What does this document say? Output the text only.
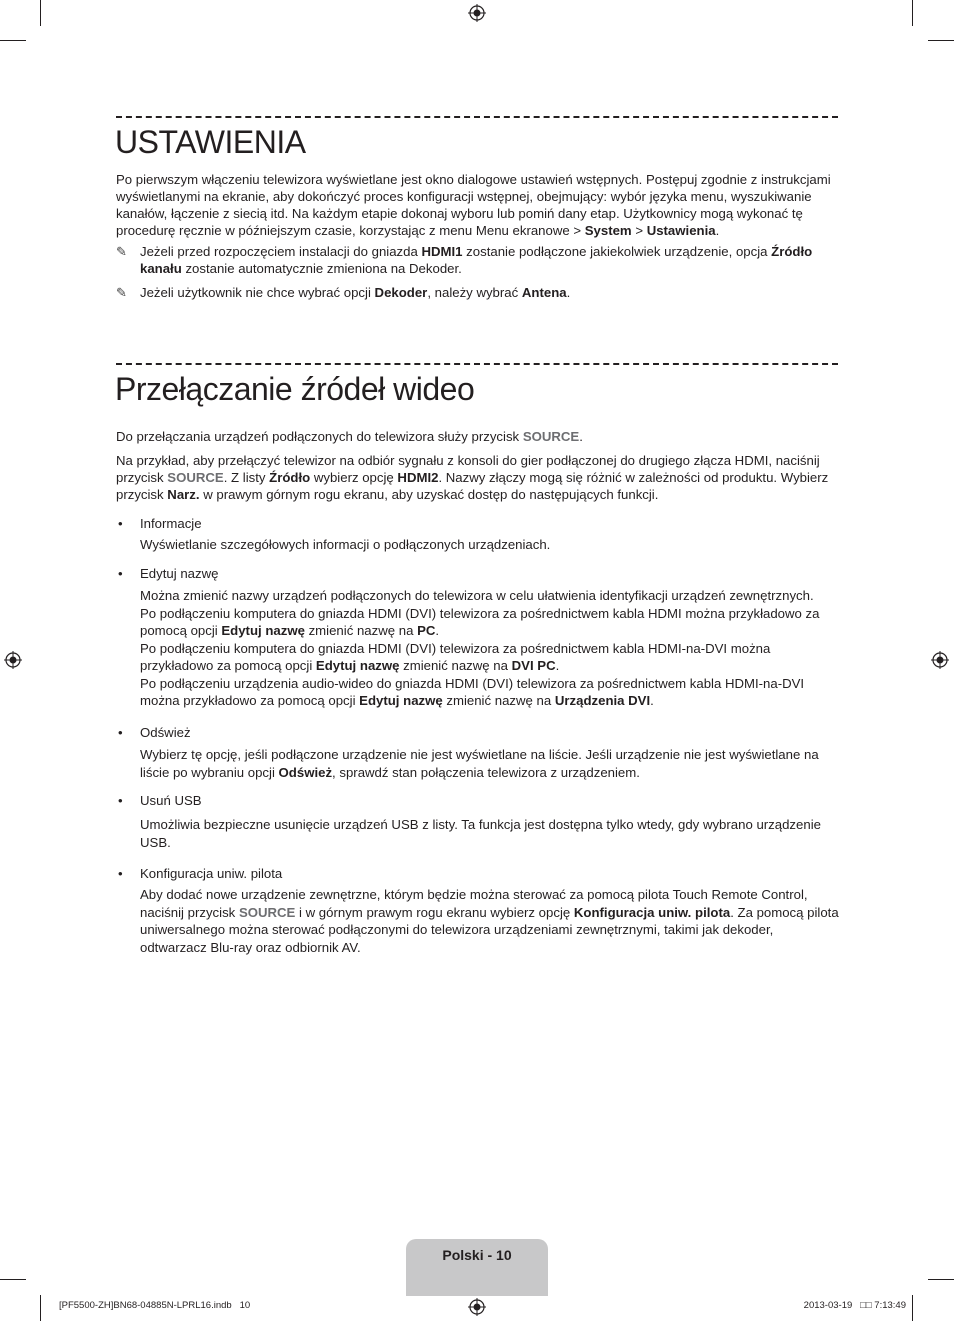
USTAWIENIA

Po pierwszym włączeniu telewizora wyświetlane jest okno dialogowe ustawień wstępnych. Postępuj zgodnie z instrukcjami wyświetlanymi na ekranie, aby dokończyć proces konfiguracji wstępnej, obejmujący: wybór języka menu, wyszukiwanie kanałów, łączenie z siecią itd. Na każdym etapie dokonaj wyboru lub pomiń dany etap. Użytkownicy mogą wykonać tę procedurę ręcznie w późniejszym czasie, korzystając z menu Menu ekranowe > System > Ustawienia.

✎ Jeżeli przed rozpoczęciem instalacji do gniazda HDMI1 zostanie podłączone jakiekolwiek urządzenie, opcja Źródło kanału zostanie automatycznie zmieniona na Dekoder.
✎ Jeżeli użytkownik nie chce wybrać opcji Dekoder, należy wybrać Antena.
Przełączanie źródeł wideo

Do przełączania urządzeń podłączonych do telewizora służy przycisk SOURCE.

Na przykład, aby przełączyć telewizor na odbiór sygnału z konsoli do gier podłączonej do drugiego złącza HDMI, naciśnij przycisk SOURCE. Z listy Źródło wybierz opcję HDMI2. Nazwy złączy mogą się różnić w zależności od produktu. Wybierz przycisk Narz. w prawym górnym rogu ekranu, aby uzyskać dostęp do następujących funkcji.

• Informacje
Wyświetlanie szczegółowych informacji o podłączonych urządzeniach.
• Edytuj nazwę
Można zmienić nazwy urządzeń podłączonych do telewizora w celu ułatwienia identyfikacji urządzeń zewnętrznych.
Po podłączeniu komputera do gniazda HDMI (DVI) telewizora za pośrednictwem kabla HDMI można przykładowo za pomocą opcji Edytuj nazwę zmienić nazwę na PC.
Po podłączeniu komputera do gniazda HDMI (DVI) telewizora za pośrednictwem kabla HDMI-na-DVI można przykładowo za pomocą opcji Edytuj nazwę zmienić nazwę na DVI PC.
Po podłączeniu urządzenia audio-wideo do gniazda HDMI (DVI) telewizora za pośrednictwem kabla HDMI-na-DVI można przykładowo za pomocą opcji Edytuj nazwę zmienić nazwę na Urządzenia DVI.
• Odśwież
Wybierz tę opcję, jeśli podłączone urządzenie nie jest wyświetlane na liście. Jeśli urządzenie nie jest wyświetlane na liście po wybraniu opcji Odśwież, sprawdź stan połączenia telewizora z urządzeniem.
• Usuń USB
Umożliwia bezpieczne usunięcie urządzeń USB z listy. Ta funkcja jest dostępna tylko wtedy, gdy wybrano urządzenie USB.
• Konfiguracja uniw. pilota
Aby dodać nowe urządzenie zewnętrzne, którym będzie można sterować za pomocą pilota Touch Remote Control, naciśnij przycisk SOURCE i w górnym prawym rogu ekranu wybierz opcję Konfiguracja uniw. pilota. Za pomocą pilota uniwersalnego można sterować podłączonymi do telewizora urządzeniami zewnętrznymi, takimi jak dekoder, odtwarzacz Blu-ray oraz odbiornik AV.
Polski - 10
[PF5500-ZH]BN68-04885N-LPRL16.indb   10	2013-03-19   □□ 7:13:49
